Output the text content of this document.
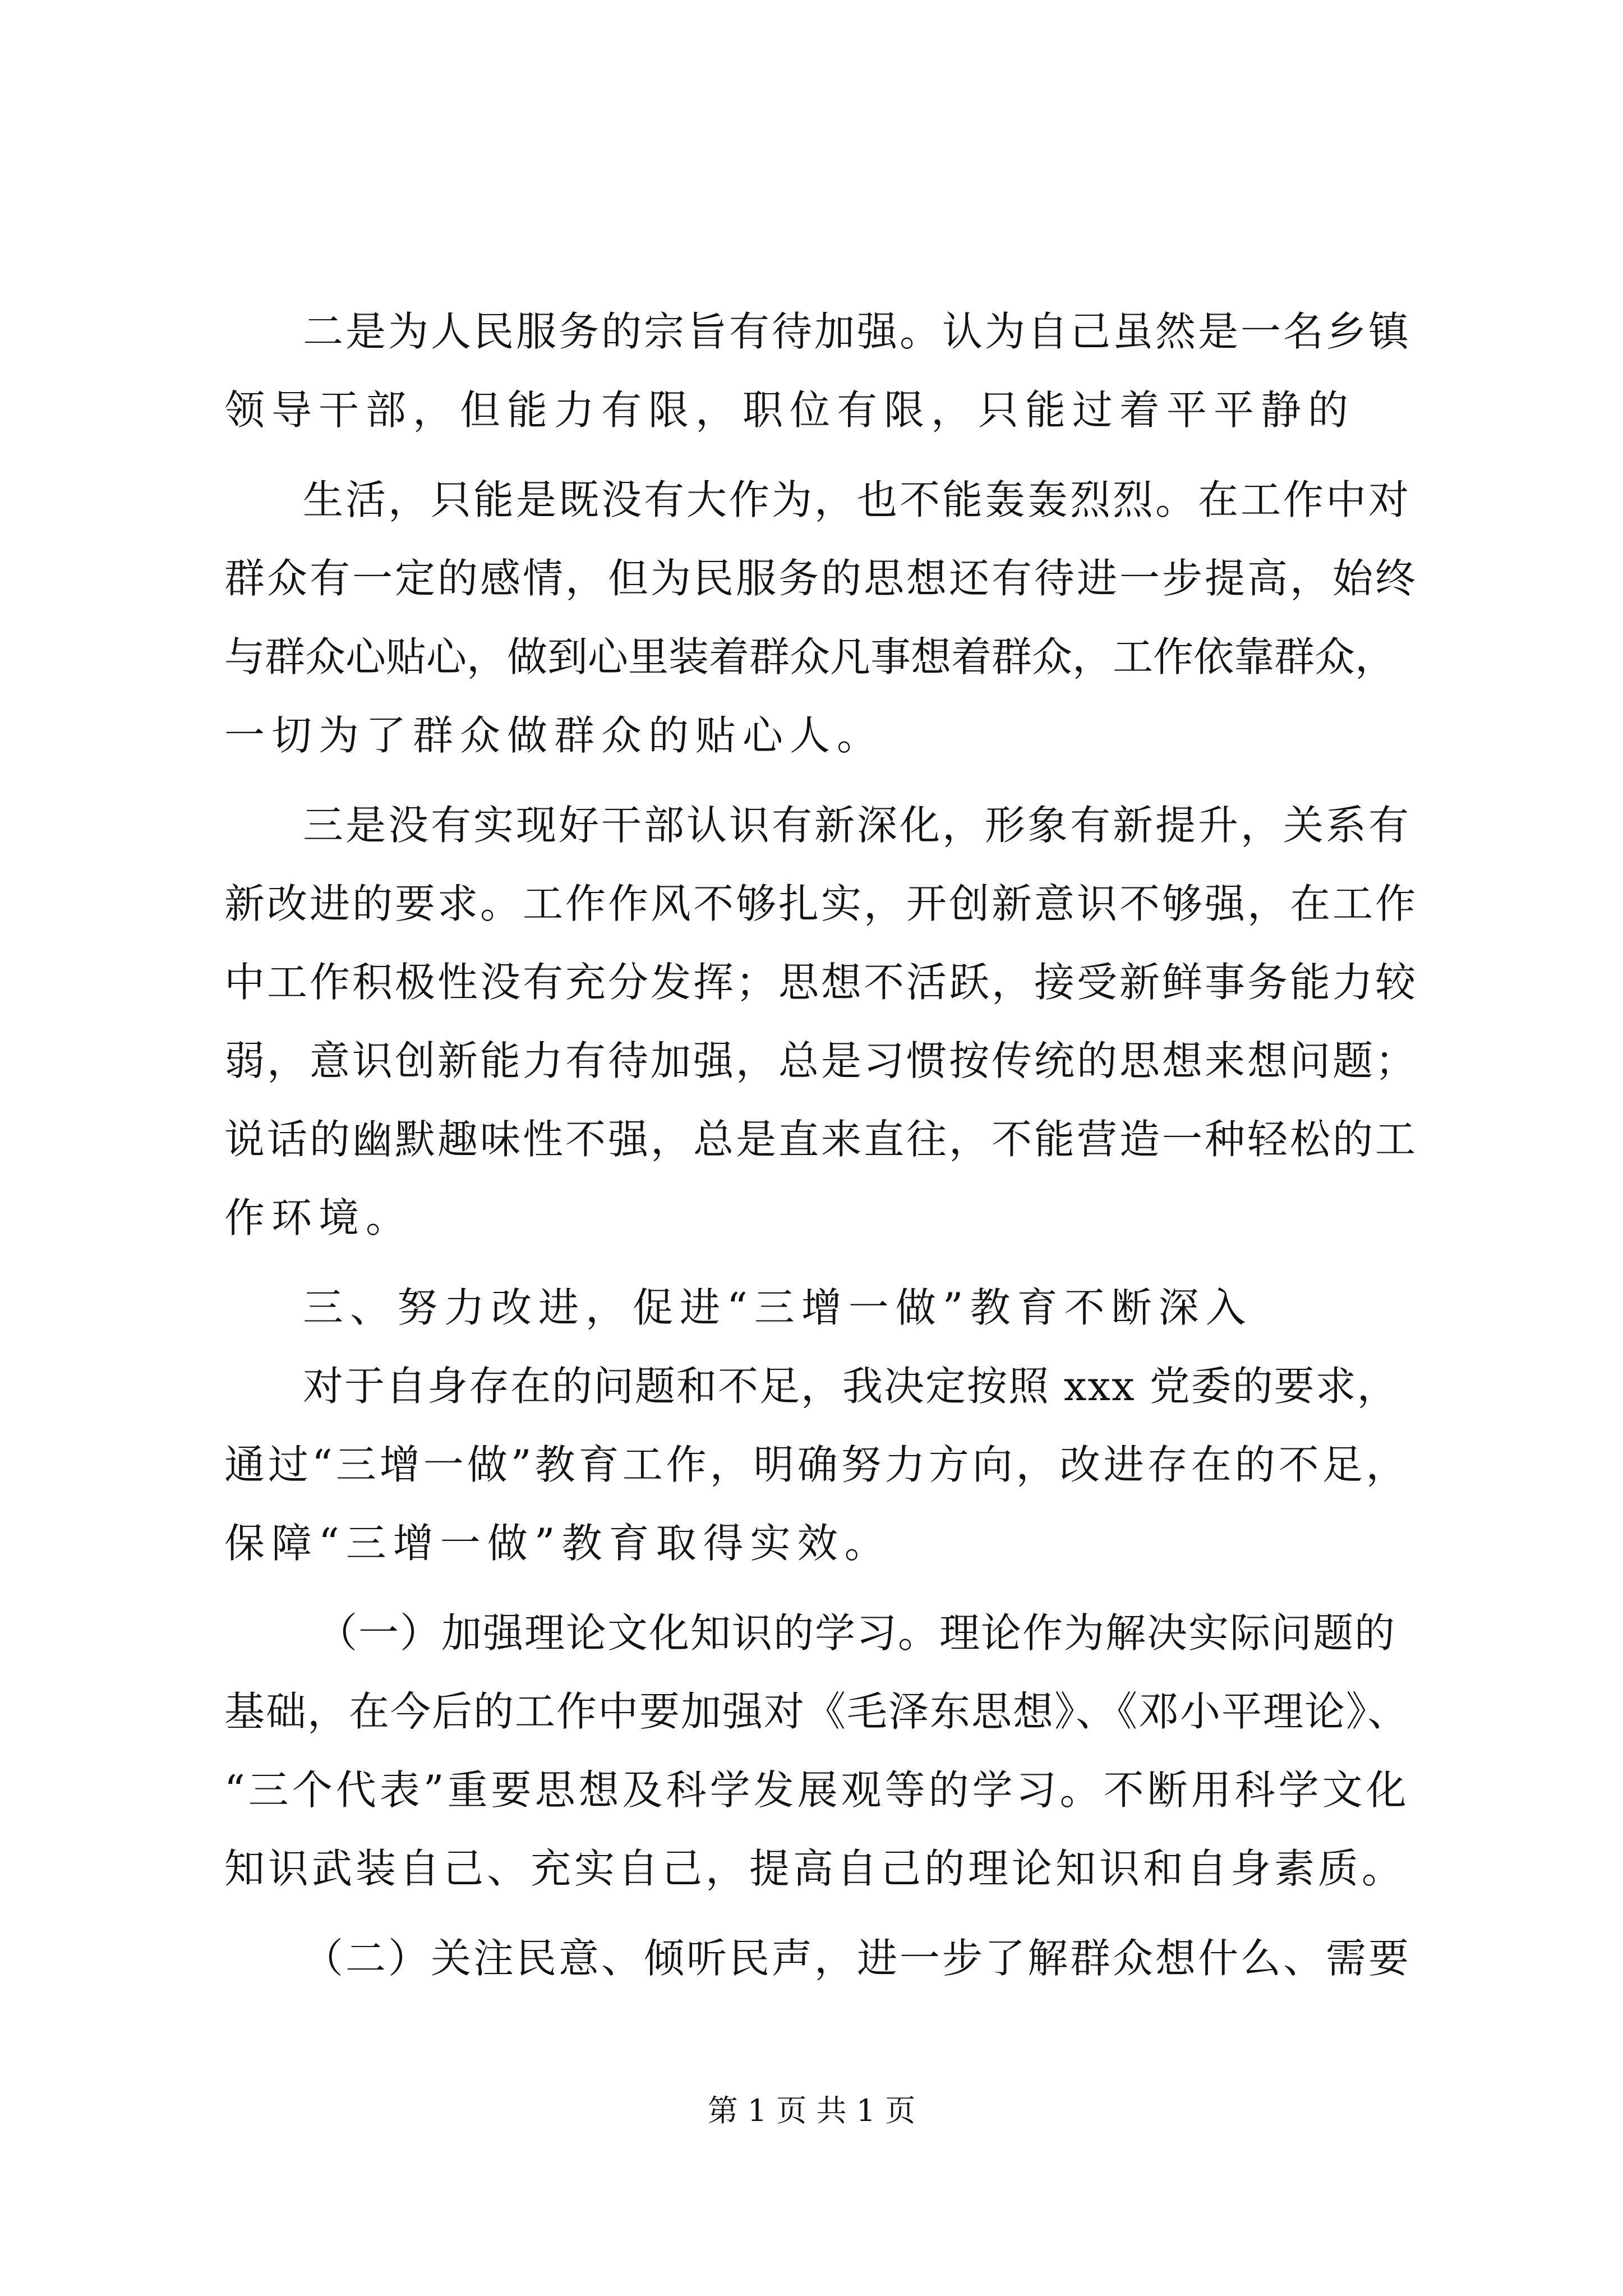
二是为人民服务的宗旨有待加强。认为自己虽然是一名乡镇
领导干部，但能力有限，职位有限，只能过着平平静的
生活，只能是既没有大作为，也不能轰轰烈烈。在工作中对
群众有一定的感情，但为民服务的思想还有待进一步提高，始终
与群众心贴心，做到心里装着群众凡事想着群众，工作依靠群众，
一切为了群众做群众的贴心人。
三是没有实现好干部认识有新深化，形象有新提升，关系有
新改进的要求。工作作风不够扎实，开创新意识不够强，在工作
中工作积极性没有充分发挥；思想不活跃，接受新鲜事务能力较
弱，意识创新能力有待加强，总是习惯按传统的思想来想问题；
说话的幽默趣味性不强，总是直来直往，不能营造一种轻松的工
作环境。
三、努力改进，促进“三增一做”教育不断深入
对于自身存在的问题和不足，我决定按照 xxx 党委的要求，
通过“三增一做”教育工作，明确努力方向，改进存在的不足，
保障“三增一做”教育取得实效。
（一）加强理论文化知识的学习。理论作为解决实际问题的
基础，在今后的工作中要加强对《毛泽东思想》、《邓小平理论》、
“三个代表”重要思想及科学发展观等的学习。不断用科学文化
知识武装自己、充实自己，提高自己的理论知识和自身素质。
（二）关注民意、倾听民声，进一步了解群众想什么、需要
第 1 页 共 1 页
